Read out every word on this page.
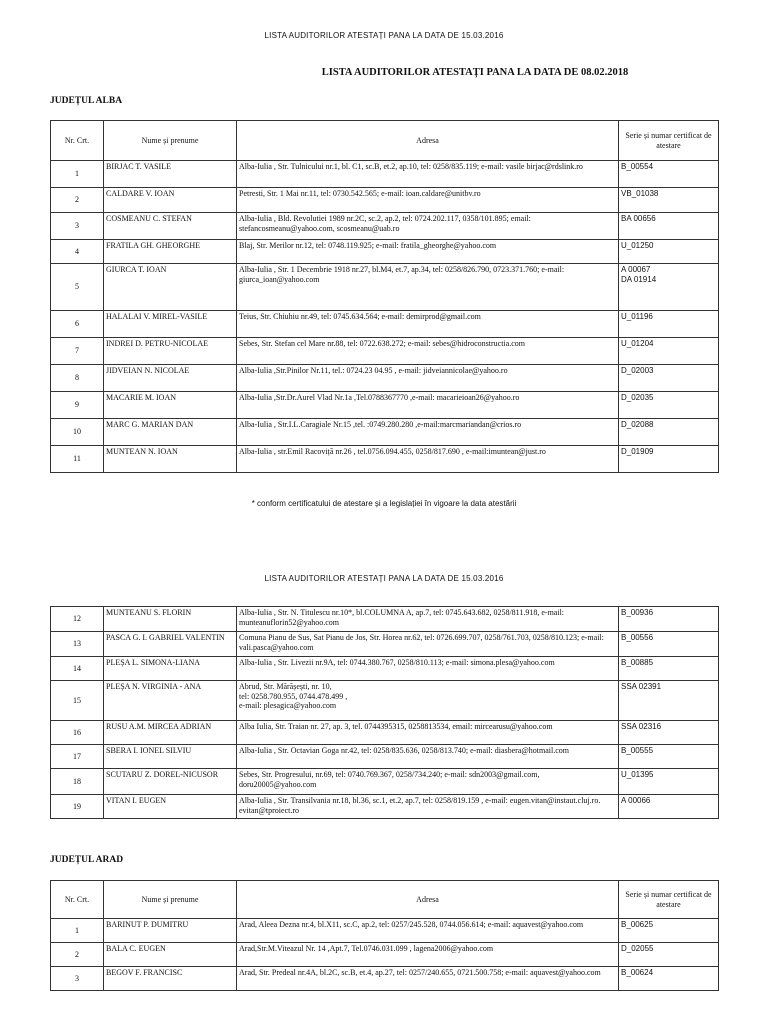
LISTA AUDITORILOR ATESTAȚI PANA LA DATA DE 15.03.2016
LISTA AUDITORILOR ATESTAȚI PANA LA DATA DE 08.02.2018
JUDEȚUL ALBA
Nr. Crt.	Nume și prenume	Adresa	Serie și numar certificat de atestare
1	BIRJAC T. VASILE	Alba-Iulia , Str. Tulnicului nr.1, bl. C1, sc.B, et.2, ap.10, tel: 0258/835.119; e-mail: vasile birjac@rdslink.ro	B_00554
2	CALDARE V. IOAN	Petresti, Str. 1 Mai nr.11, tel: 0730.542.565; e-mail: ioan.caldare@unitbv.ro	VB_01038
3	COSMEANU C. STEFAN	Alba-Iulia , Bld. Revolutiei 1989 nr.2C, sc.2, ap.2, tel: 0724.202.117, 0358/101.895; email: stefancosmeanu@yahoo.com, scosmeanu@uab.ro	BA 00656
4	FRATILA GH. GHEORGHE	Blaj, Str. Merilor nr.12, tel: 0748.119.925; e-mail: fratila_gheorghe@yahoo.com	U_01250
5	GIURCA T. IOAN	Alba-Iulia , Str. 1 Decembrie 1918 nr.27, bl.M4, et.7, ap.34, tel: 0258/826.790, 0723.371.760; e-mail: giurca_ioan@yahoo.com	A 00067
DA 01914
6	HALALAI V. MIREL-VASILE	Teius, Str. Chiuhiu nr.49, tel: 0745.634.564; e-mail: demirprod@gmail.com	U_01196
7	INDREI D. PETRU-NICOLAE	Sebes, Str. Stefan cel Mare nr.88, tel: 0722.638.272; e-mail: sebes@hidroconstructia.com	U_01204
8	JIDVEIAN N. NICOLAE	Alba-Iulia ,Str.Pinilor Nr.11, tel.: 0724.23 04.95 , e-mail: jidveiannicolae@yahoo.ro	D_02003
9	MACARIE M. IOAN	Alba-Iulia ,Str.Dr.Aurel Vlad Nr.1a ,Tel.0788367770 ,e-mail: macarieioan26@yahoo.ro	D_02035
10	MARC G. MARIAN DAN	Alba-Iulia , Str.I.L.Caragiale Nr.15 ,tel. :0749.280.280 ,e-mail:marcmariandan@crios.ro	D_02088
11	MUNTEAN N. IOAN	Alba-Iulia , str.Emil Racoviță nr.26 , tel.0756.094.455, 0258/817.690 , e-mail:imuntean@just.ro	D_01909
* conform certificatului de atestare și a legislației în vigoare la data atestării
LISTA AUDITORILOR ATESTAȚI PANA LA DATA DE 15.03.2016
12	MUNTEANU S. FLORIN	Alba-Iulia , Str. N. Titulescu nr.10*, bl.COLUMNA A, ap.7, tel: 0745.643.682, 0258/811.918, e-mail: munteanuflorin52@yahoo.com	B_00936
13	PASCA G. I. GABRIEL VALENTIN	Comuna Pianu de Sus, Sat Pianu de Jos, Str. Horea nr.62, tel: 0726.699.707, 0258/761.703, 0258/810.123; e-mail: vali.pasca@yahoo.com	B_00556
14	PLEȘA L. SIMONA-LIANA	Alba-Iulia , Str. Livezii nr.9A, tel: 0744.380.767, 0258/810.113; e-mail: simona.plesa@yahoo.com	B_00885
15	PLEȘA N. VIRGINIA - ANA	Abrud, Str. Mărășești, nr. 10,
tel: 0258.780.955, 0744.478.499 ,
e-mail: plesagica@yahoo.com	SSA 02391
16	RUSU A.M. MIRCEA ADRIAN	Alba Iulia, Str. Traian nr. 27, ap. 3, tel. 0744395315, 0258813534, email: mircearusu@yahoo.com	SSA 02316
17	SBERA I. IONEL SILVIU	Alba-Iulia , Str. Octavian Goga nr.42, tel: 0258/835.636, 0258/813.740; e-mail: diasbera@hotmail.com	B_00555
18	SCUTARU Z. DOREL-NICUSOR	Sebes, Str. Progresului, nr.69, tel: 0740.769.367, 0258/734.240; e-mail: sdn2003@gmail.com, doru20005@yahoo.com	U_01395
19	VITAN I. EUGEN	Alba-Iulia , Str. Transilvania nr.18, bl.36, sc.1, et.2, ap.7, tel: 0258/819.159 , e-mail: eugen.vitan@instaut.cluj.ro. evitan@tproiect.ro	A 00066
JUDEȚUL ARAD
Nr. Crt.	Nume și prenume	Adresa	Serie și numar certificat de atestare
1	BARINUT P. DUMITRU	Arad, Aleea Dezna nr.4, bl.X11, sc.C, ap.2, tel: 0257/245.528, 0744.056.614; e-mail: aquavest@yahoo.com	B_00625
2	BALA C. EUGEN	Arad,Str.M.Viteazul Nr. 14 ,Apt.7, Tel.0746.031.099 , lagena2006@yahoo.com	D_02055
3	BEGOV F. FRANCISC	Arad, Str. Predeal nr.4A, bl.2C, sc.B, et.4, ap.27, tel: 0257/240.655, 0721.500.758; e-mail: aquavest@yahoo.com	B_00624
